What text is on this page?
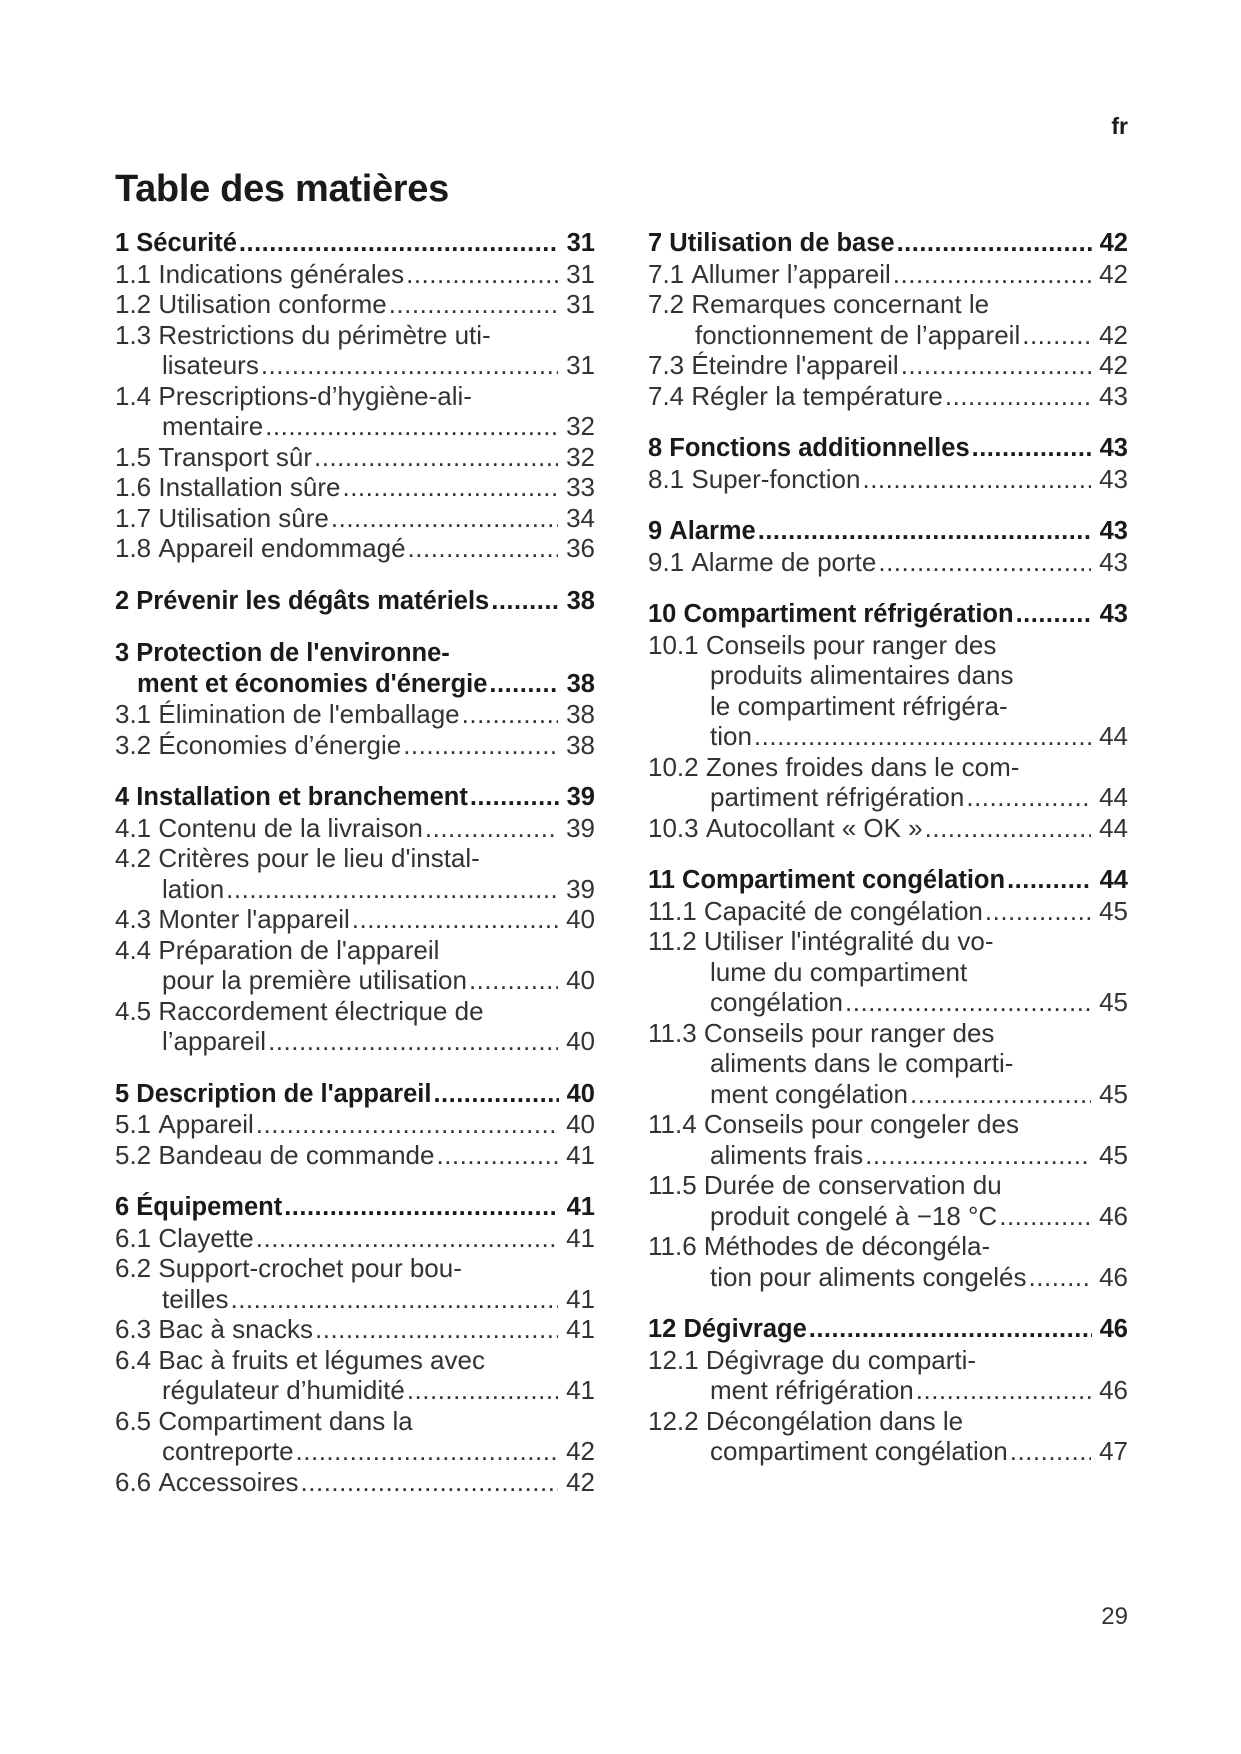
fr
Table des matières
1 Sécurité .....	31
1.1 Indications générales .....	31
1.2 Utilisation conforme .....	31
1.3 Restrictions du périmètre uti-
lisateurs .....	31
1.4 Prescriptions-d’hygiène-ali-
mentaire .....	32
1.5 Transport sûr .....	32
1.6 Installation sûre .....	33
1.7 Utilisation sûre .....	34
1.8 Appareil endommagé .....	36
2 Prévenir les dégâts matériels .....	38
3 Protection de l'environne-
ment et économies d'énergie .....	38
3.1 Élimination de l'emballage .....	38
3.2 Économies d’énergie .....	38
4 Installation et branchement .....	39
4.1 Contenu de la livraison .....	39
4.2 Critères pour le lieu d'instal-
lation .....	39
4.3 Monter l'appareil .....	40
4.4 Préparation de l'appareil
pour la première utilisation .....	40
4.5 Raccordement électrique de
l’appareil .....	40
5 Description de l'appareil .....	40
5.1 Appareil .....	40
5.2 Bandeau de commande .....	41
6 Équipement .....	41
6.1 Clayette .....	41
6.2 Support-crochet pour bou-
teilles .....	41
6.3 Bac à snacks .....	41
6.4 Bac à fruits et légumes avec
régulateur d’humidité .....	41
6.5 Compartiment dans la
contreporte .....	42
6.6 Accessoires .....	42
7 Utilisation de base .....	42
7.1 Allumer l’appareil .....	42
7.2 Remarques concernant le
fonctionnement de l’appareil .....	42
7.3 Éteindre l'appareil .....	42
7.4 Régler la température .....	43
8 Fonctions additionnelles .....	43
8.1 Super-fonction .....	43
9 Alarme .....	43
9.1 Alarme de porte .....	43
10 Compartiment réfrigération .....	43
10.1 Conseils pour ranger des
produits alimentaires dans
le compartiment réfrigéra-
tion .....	44
10.2 Zones froides dans le com-
partiment réfrigération .....	44
10.3 Autocollant « OK » .....	44
11 Compartiment congélation .....	44
11.1 Capacité de congélation .....	45
11.2 Utiliser l'intégralité du vo-
lume du compartiment
congélation .....	45
11.3 Conseils pour ranger des
aliments dans le comparti-
ment congélation .....	45
11.4 Conseils pour congeler des
aliments frais .....	45
11.5 Durée de conservation du
produit congelé à −18 °C .....	46
11.6 Méthodes de décongéla-
tion pour aliments congelés .....	46
12 Dégivrage .....	46
12.1 Dégivrage du comparti-
ment réfrigération .....	46
12.2 Décongélation dans le
compartiment congélation .....	47
29
